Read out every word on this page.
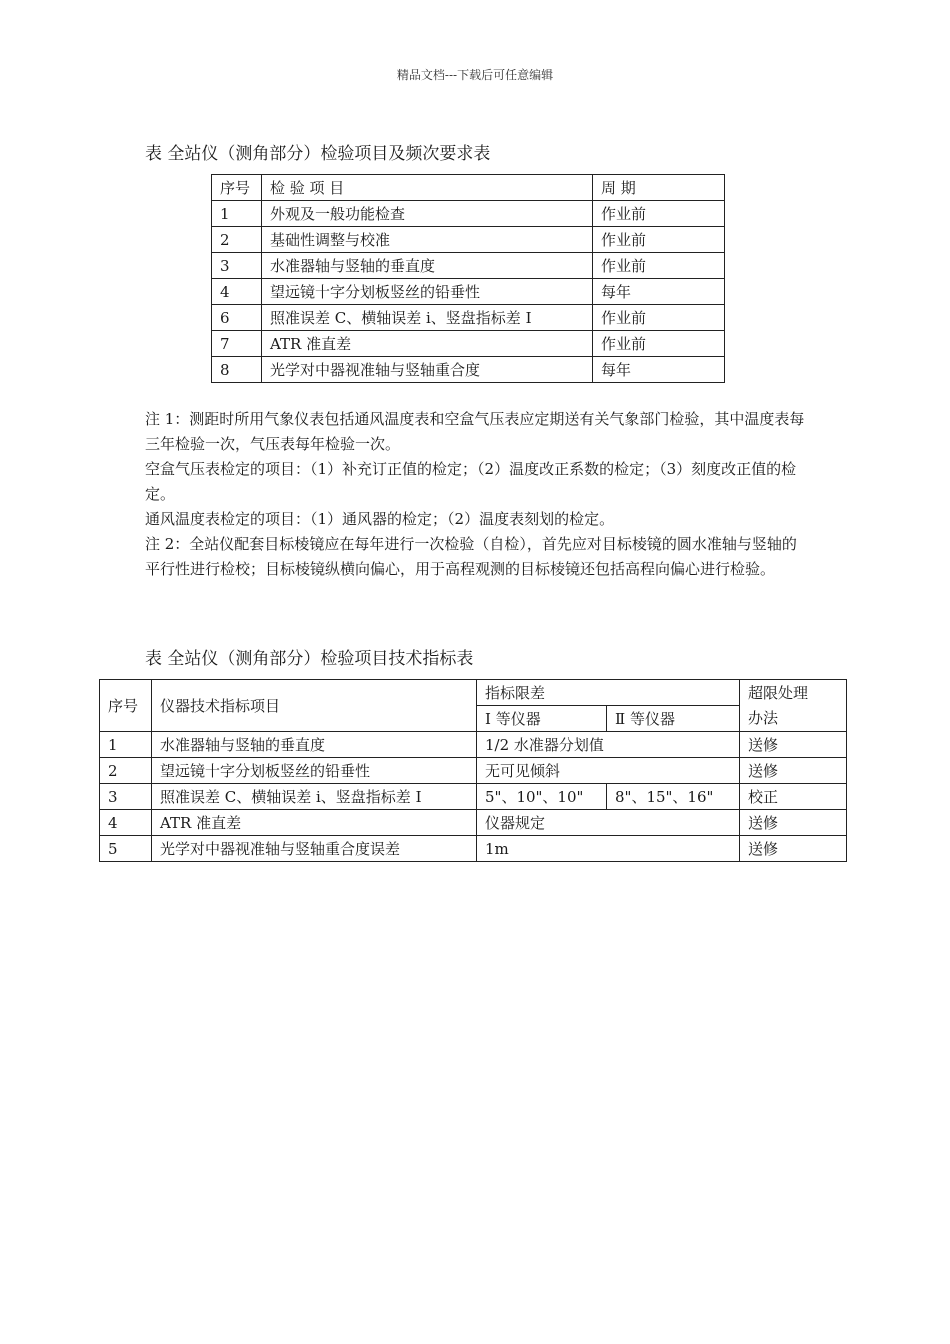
精品文档---下载后可任意编辑
表 全站仪（测角部分）检验项目及频次要求表
序号	检 验 项 目	周 期
1	外观及一般功能检查	作业前
2	基础性调整与校准	作业前
3	水准器轴与竖轴的垂直度	作业前
4	望远镜十字分划板竖丝的铅垂性	每年
6	照准误差 C、横轴误差 i、竖盘指标差 I	作业前
7	ATR 准直差	作业前
8	光学对中器视准轴与竖轴重合度	每年

注 1：测距时所用气象仪表包括通风温度表和空盒气压表应定期送有关气象部门检验，其中温度表每三年检验一次，气压表每年检验一次。

空盒气压表检定的项目：（1）补充订正值的检定；（2）温度改正系数的检定；（3）刻度改正值的检定。

通风温度表检定的项目：（1）通风器的检定；（2）温度表刻划的检定。

注 2：全站仪配套目标棱镜应在每年进行一次检验（自检），首先应对目标棱镜的圆水准轴与竖轴的平行性进行检校；目标棱镜纵横向偏心，用于高程观测的目标棱镜还包括高程向偏心进行检验。

表 全站仪（测角部分）检验项目技术指标表
序号	仪器技术指标项目	指标限差		超限处理
办法

		Ⅰ 等仪器	Ⅱ 等仪器	
1	水准器轴与竖轴的垂直度	1/2 水准器分划值		送修
2	望远镜十字分划板竖丝的铅垂性	无可见倾斜		送修
3	照准误差 C、横轴误差 i、竖盘指标差 I	5"、10"、10"	8"、15"、16"	校正
4	ATR 准直差	仪器规定		送修
5	光学对中器视准轴与竖轴重合度误差	1m		送修
